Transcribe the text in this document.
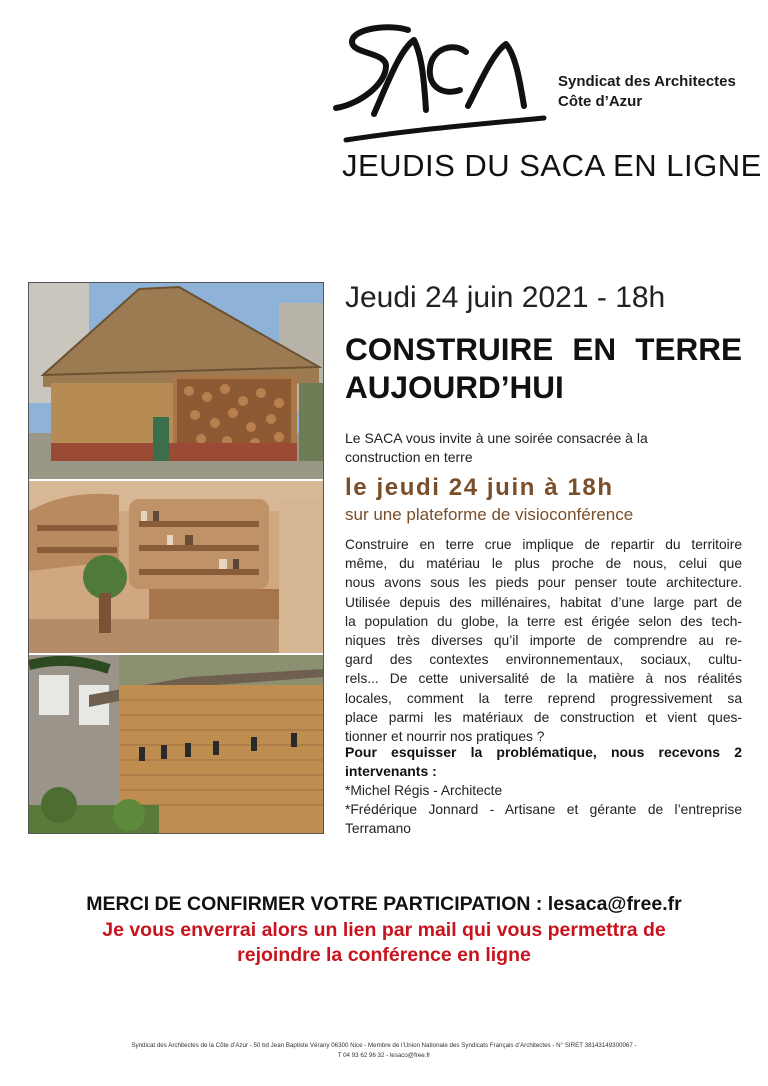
Syndicat des Architectes
Côte d’Azur
JEUDIS DU SACA EN LIGNE
Jeudi 24 juin 2021 - 18h
CONSTRUIRE EN TERRE
AUJOURD’HUI
Le SACA vous invite à une soirée consacrée à la
construction en terre
le jeudi 24 juin à 18h
sur une plateforme de visioconférence
Construire en terre crue implique de repartir du territoire
même, du matériau le plus proche de nous, celui que
nous avons sous les pieds pour penser toute architecture.
Utilisée depuis des millénaires, habitat d’une large part de
la population du globe, la terre est érigée selon des tech-
niques très diverses qu’il importe de comprendre au re-
gard des contextes environnementaux, sociaux, cultu-
rels... De cette universalité de la matière à nos réalités
locales, comment la terre reprend progressivement sa
place parmi les matériaux de construction et vient ques-
tionner et nourrir nos pratiques ?
Pour esquisser la problématique, nous recevons 2
intervenants :
*Michel Régis - Architecte
*Frédérique Jonnard - Artisane et gérante de l’entreprise
Terramano
MERCI DE CONFIRMER VOTRE PARTICIPATION : lesaca@free.fr
Je vous enverrai alors un lien par mail qui vous permettra de
rejoindre la conférence en ligne
Syndicat des Architectes de la Côte d’Azur - 50 bd Jean Baptiste Vérany 06300 Nice - Membre de l’Union Nationale des Syndicats Français d’Architectes - N° SIRET 38143149300067 -
T 04 93 62 96 32 - lesaco@free.fr
